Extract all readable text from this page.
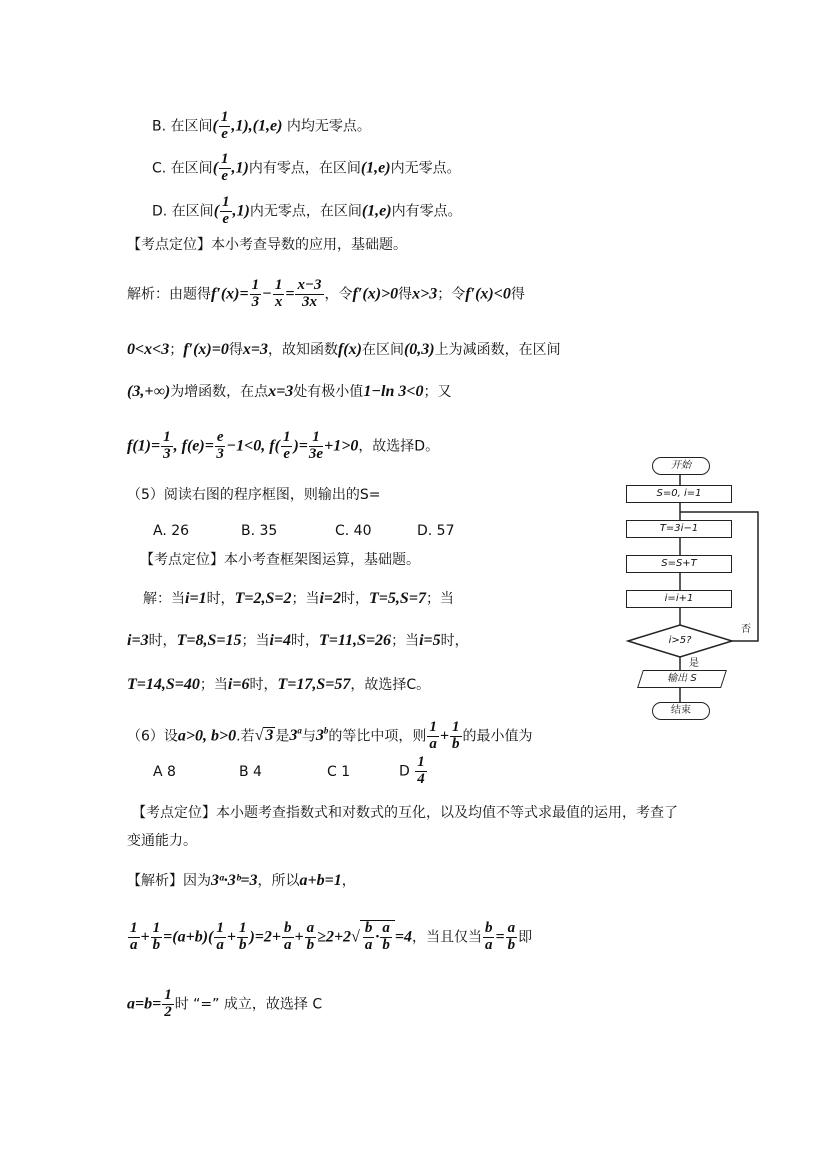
B. 在区间( $\frac{1}{e} ,1),(1,e)$ 内均无零点。
C. 在区间( $\frac{1}{e} ,1$)内有零点，在区间(1,e)内无零点。
D. 在区间( $\frac{1}{e} ,1$)内无零点，在区间(1,e)内有零点。
【考点定位】本小考查导数的应用，基础题。
解析：由题得$f'(x)= \frac{1}{3} - \frac{1}{x} = \frac{x-3}{3x}$ ，令f′(x)>0得x>3；令f′(x)<0得
0<x<3；f′(x)=0得x=3，故知函数f(x)在区间(0,3)上为减函数，在区间
(3,+∞)为增函数，在点x=3处有极小值1−ln 3<0；又
$f(1)= \frac{1}{3}$ , $f(e)= \frac{e}{3} -1<0$, $f( \frac{1}{e}$ )= $\frac{1}{3e} +1>0$，故选择D。
（5）阅读右图的程序框图，则输出的S=
A. 26	B. 35	C. 40	D. 57
【考点定位】本小考查框架图运算，基础题。
解：当i=1时，T=2,S=2；当i=2时，T=5,S=7；当
i=3时，T=8,S=15；当i=4时，T=11,S=26；当i=5时，
T=14,S=40；当i=6时，T=17,S=57，故选择C。
开始
S=0, i=1
T=3i−1
S=S+T
i=i+1
i>5?
否
是
输出 S
结束
（6）设a>0, b>0.若√ 3 是3$^a$与3$^b$的等比中项，则 $\frac{1}{a} + \frac{1}{b}$ 的最小值为
A 8	B 4	C 1	D $\frac{1}{4}$
【考点定位】本小题考查指数式和对数式的互化，以及均值不等式求最值的运用，考查了
变通能力。
【解析】因为3ᵃ·3ᵇ=3，所以a+b=1，
$\frac{1}{a} + \frac{1}{b} =(a+b)( \frac{1}{a} + \frac{1}{b} )=2+ \frac{b}{a} + \frac{a}{b} \ge 2+2√ \frac{b}{a} \cdot \frac{a}{b} =4$，当且仅当 $\frac{b}{a} = \frac{a}{b}$ 即
$a=b= \frac{1}{2}$ 时 “=” 成立，故选择 C
